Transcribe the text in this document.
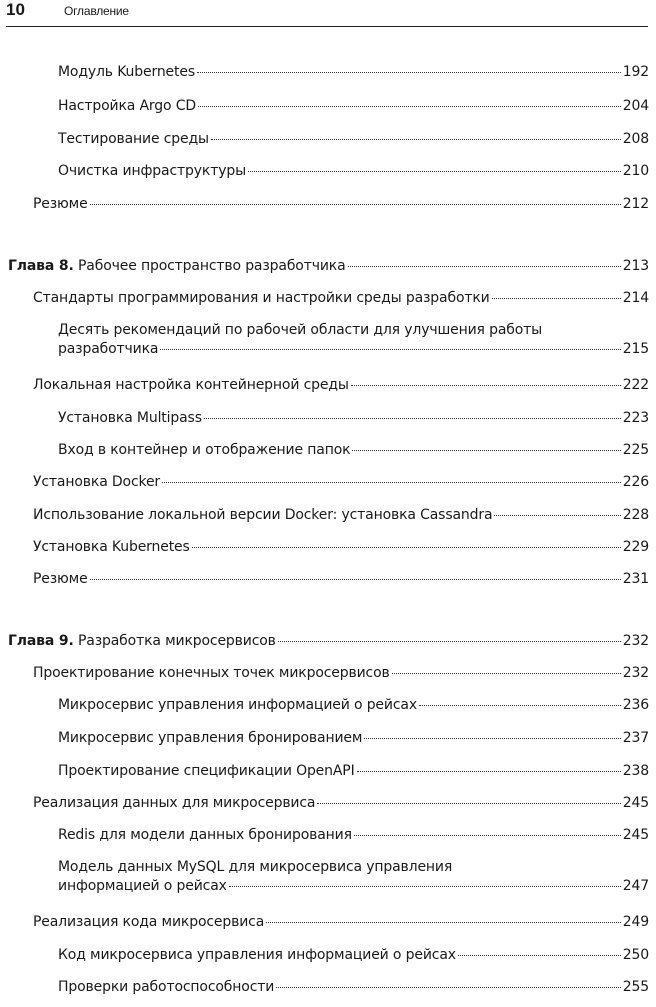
10	Оглавление
Модуль Kubernetes	192
Настройка Argo CD	204
Тестирование среды	208
Очистка инфраструктуры	210
Резюме	212
Глава 8. Рабочее пространство разработчика	213
Стандарты программирования и настройки среды разработки	214
Десять рекомендаций по рабочей области для улучшения работы
разработчика	215
Локальная настройка контейнерной среды	222
Установка Multipass	223
Вход в контейнер и отображение папок	225
Установка Docker	226
Использование локальной версии Docker: установка Cassandra	228
Установка Kubernetes	229
Резюме	231
Глава 9. Разработка микросервисов	232
Проектирование конечных точек микросервисов	232
Микросервис управления информацией о рейсах	236
Микросервис управления бронированием	237
Проектирование спецификации OpenAPI	238
Реализация данных для микросервиса	245
Redis для модели данных бронирования	245
Модель данных MySQL для микросервиса управления
информацией о рейсах	247
Реализация кода микросервиса	249
Код микросервиса управления информацией о рейсах	250
Проверки работоспособности	255
